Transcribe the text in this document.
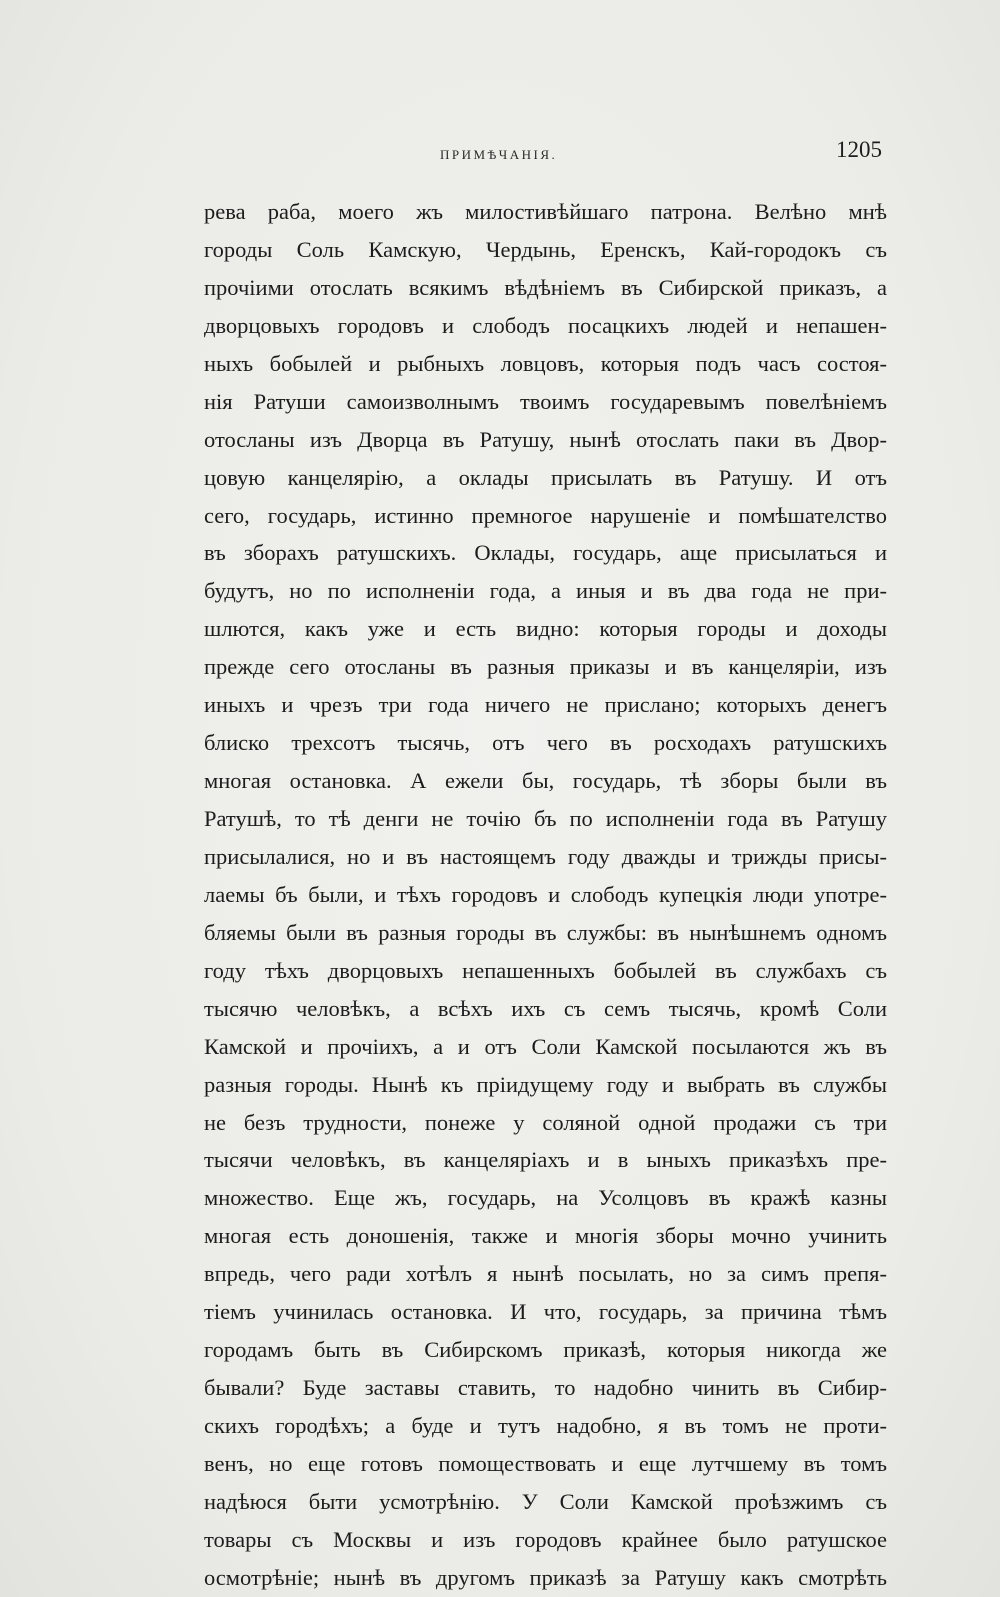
ПРИМѢЧАНІЯ.	1205
рева раба, моего жъ милостивѣйшаго патрона. Велѣно мнѣ
городы Соль Камскую, Чердынь, Еренскъ, Кай-городокъ съ
прочіими отослать всякимъ вѣдѣніемъ въ Сибирской приказъ, а
дворцовыхъ городовъ и слободъ посацкихъ людей и непашен-
ныхъ бобылей и рыбныхъ ловцовъ, которыя подъ часъ состоя-
нія Ратуши самоизволнымъ твоимъ государевымъ повелѣніемъ
отосланы изъ Дворца въ Ратушу, нынѣ отослать паки въ Двор-
цовую канцелярію, а оклады присылать въ Ратушу. И отъ
сего, государь, истинно премногое нарушеніе и помѣшателство
въ зборахъ ратушскихъ. Оклады, государь, аще присылаться и
будутъ, но по исполненіи года, а иныя и въ два года не при-
шлются, какъ уже и есть видно: которыя городы и доходы
прежде сего отосланы въ разныя приказы и въ канцеляріи, изъ
иныхъ и чрезъ три года ничего не прислано; которыхъ денегъ
блиско трехсотъ тысячь, отъ чего въ росходахъ ратушскихъ
многая остановка. А ежели бы, государь, тѣ зборы были въ
Ратушѣ, то тѣ денги не точію бъ по исполненіи года въ Ратушу
присылалися, но и въ настоящемъ году дважды и трижды присы-
лаемы бъ были, и тѣхъ городовъ и слободъ купецкія люди употре-
бляемы были въ разныя городы въ службы: въ нынѣшнемъ одномъ
году тѣхъ дворцовыхъ непашенныхъ бобылей въ службахъ съ
тысячю человѣкъ, а всѣхъ ихъ съ семъ тысячь, кромѣ Соли
Камской и прочіихъ, а и отъ Соли Камской посылаются жъ въ
разныя городы. Нынѣ къ пріидущему году и выбрать въ службы
не безъ трудности, понеже у соляной одной продажи съ три
тысячи человѣкъ, въ канцеляріахъ и в ыныхъ приказѣхъ пре-
множество. Еще жъ, государь, на Усолцовъ въ кражѣ казны
многая есть доношенія, также и многія зборы мочно учинить
впредь, чего ради хотѣлъ я нынѣ посылать, но за симъ препя-
тіемъ учинилась остановка. И что, государь, за причина тѣмъ
городамъ быть въ Сибирскомъ приказѣ, которыя никогда же
бывали? Буде заставы ставить, то надобно чинить въ Сибир-
скихъ городѣхъ; а буде и тутъ надобно, я въ томъ не проти-
венъ, но еще готовъ помоществовать и еще лутчшему въ томъ
надѣюся быти усмотрѣнію. У Соли Камской проѣзжимъ съ
товары съ Москвы и изъ городовъ крайнее было ратушское
осмотрѣніе; нынѣ въ другомъ приказѣ за Ратушу какъ смотрѣть
